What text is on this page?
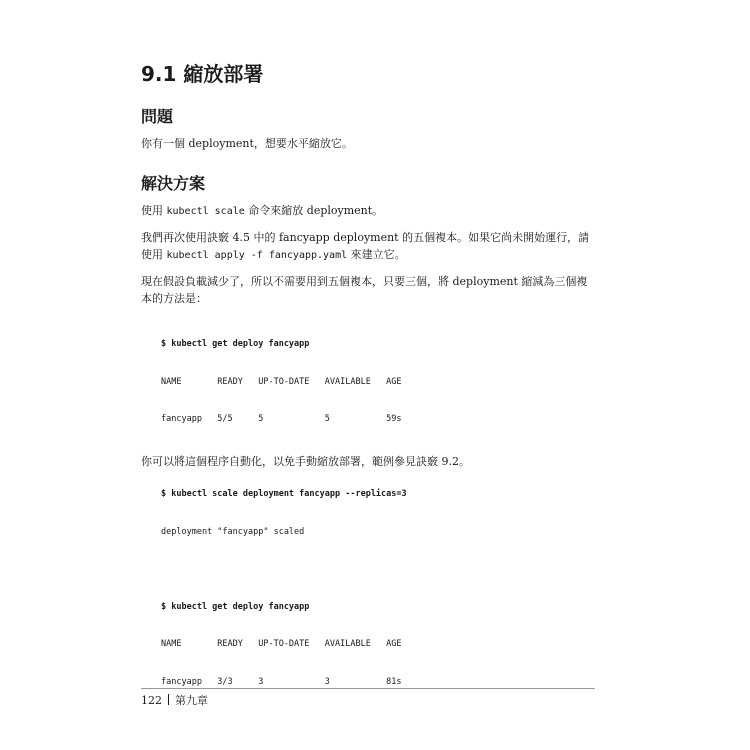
9.1 縮放部署
問題
你有一個 deployment，想要水平縮放它。
解決方案
使用 kubectl scale 命令來縮放 deployment。
我們再次使用訣竅 4.5 中的 fancyapp deployment 的五個複本。如果它尚未開始運行，請使用 kubectl apply -f fancyapp.yaml 來建立它。
現在假設負載減少了，所以不需要用到五個複本，只要三個，將 deployment 縮減為三個複本的方法是：

$ kubectl get deploy fancyapp

NAME       READY   UP-TO-DATE   AVAILABLE   AGE

fancyapp   5/5     5            5           59s

$ kubectl scale deployment fancyapp --replicas=3

deployment "fancyapp" scaled

$ kubectl get deploy fancyapp

NAME       READY   UP-TO-DATE   AVAILABLE   AGE

fancyapp   3/3     3            3           81s

你可以將這個程序自動化，以免手動縮放部署，範例參見訣竅 9.2。
122 第九章
